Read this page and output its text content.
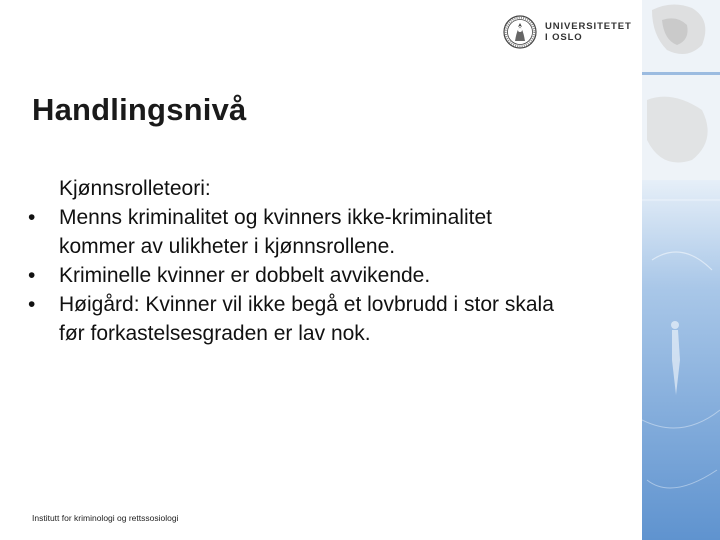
UNIVERSITETET
I OSLO
Handlingsnivå
Kjønnsrolleteori:
• Menns kriminalitet og kvinners ikke-kriminalitet
kommer av ulikheter i kjønnsrollene.
• Kriminelle kvinner er dobbelt avvikende.
• Høigård: Kvinner vil ikke begå et lovbrudd i stor skala
før forkastelsesgraden er lav nok.
Institutt for kriminologi og rettssosiologi
